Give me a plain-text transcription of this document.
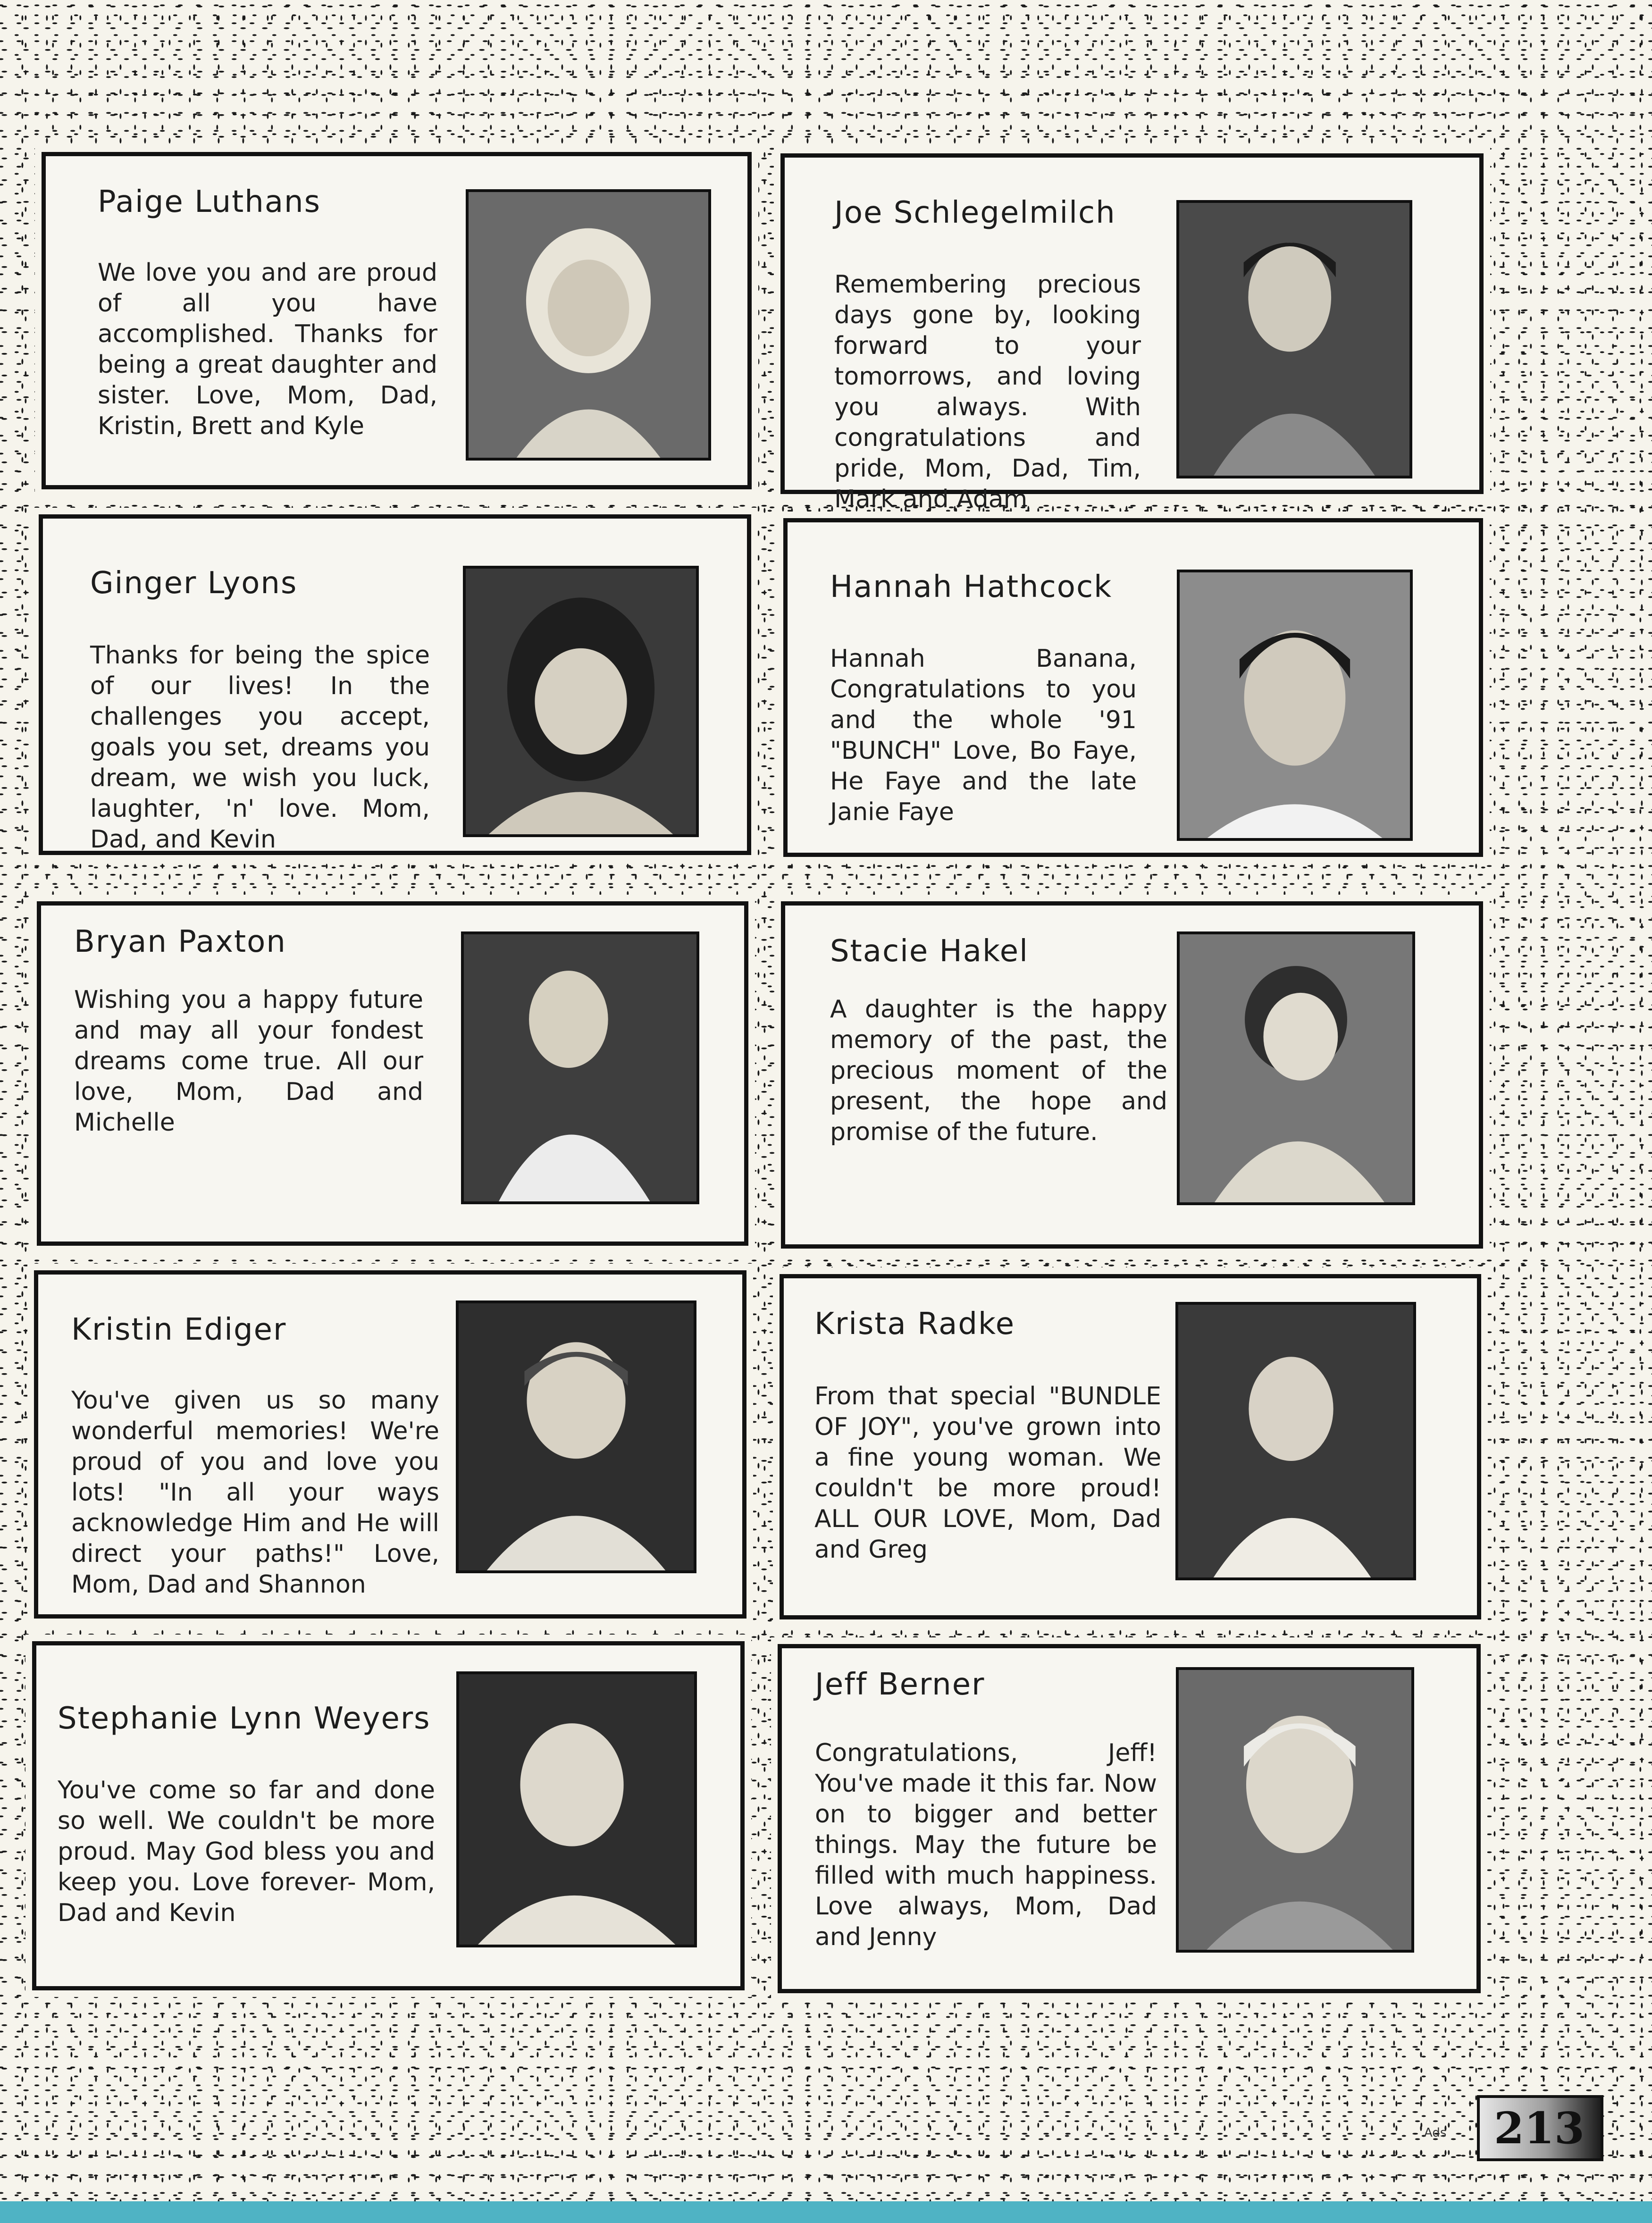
Paige Luthans

We love you and are proud of all you have accomplished. Thanks for being a great daughter and sister. Love, Mom, Dad, Kristin, Brett and Kyle

Joe Schlegelmilch

Remembering precious days gone by, looking forward to your tomorrows, and loving you always. With congratulations and pride, Mom, Dad, Tim, Mark and Adam

Ginger Lyons

Thanks for being the spice of our lives! In the challenges you accept, goals you set, dreams you dream, we wish you luck, laughter, 'n' love. Mom, Dad, and Kevin

Hannah Hathcock

Hannah Banana, Congratulations to you and the whole '91 "BUNCH" Love, Bo Faye, He Faye and the late Janie Faye

Bryan Paxton

Wishing you a happy future and may all your fondest dreams come true. All our love, Mom, Dad and Michelle

Stacie Hakel

A daughter is the happy memory of the past, the precious moment of the present, the hope and promise of the future.

Kristin Ediger

You've given us so many wonderful memories! We're proud of you and love you lots! "In all your ways acknowledge Him and He will direct your paths!" Love, Mom, Dad and Shannon

Krista Radke

From that special "BUNDLE OF JOY", you've grown into a fine young woman. We couldn't be more proud! ALL OUR LOVE, Mom, Dad and Greg

Stephanie Lynn Weyers

You've come so far and done so well. We couldn't be more proud. May God bless you and keep you. Love forever- Mom, Dad and Kevin

Jeff Berner

Congratulations, Jeff! You've made it this far. Now on to bigger and better things. May the future be filled with much happiness. Love always, Mom, Dad and Jenny

Ads	213
